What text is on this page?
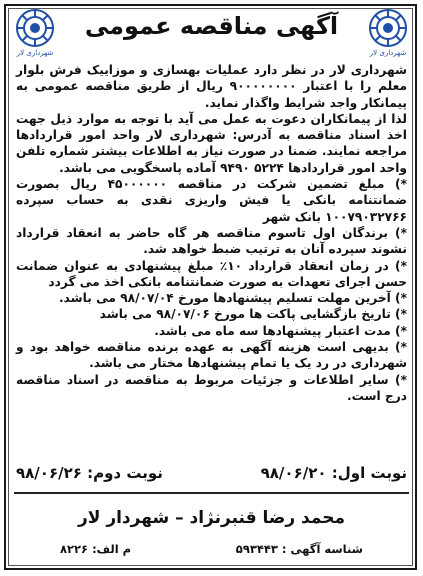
شهرداری لار	شهرداری لار
آگهی مناقصه عمومی

شهرداری لار در نظر دارد عملیات بهسازی و موزاییک فرش بلوار معلم را با اعتبار ۹۰۰۰۰۰۰۰۰ ریال از طریق مناقصه عمومی به پیمانکار واجد شرایط واگذار نماید.

لذا از پیمانکاران دعوت به عمل می آید با توجه به موارد ذیل جهت اخذ اسناد مناقصه به آدرس: شهرداری لار واحد امور قراردادها مراجعه نمایند. ضمنا در صورت نیاز به اطلاعات بیشتر شماره تلفن واحد امور قراردادها ۵۲۲۴ ۹۴۹۰ آماده پاسخگویی می باشد.

*) مبلغ تضمین شرکت در مناقصه ۴۵۰۰۰۰۰۰ ریال بصورت ضمانتنامه بانکی یا فیش واریزی نقدی به حساب سپرده ۱۰۰۷۹۰۳۲۷۶۶ بانک شهر

*) برندگان اول تاسوم مناقصه هر گاه حاضر به انعقاد قرارداد نشوند سپرده آنان به ترتیب ضبط خواهد شد.

*) در زمان انعقاد قرارداد ۱۰٪ مبلغ پیشنهادی به عنوان ضمانت حسن اجرای تعهدات به صورت ضمانتنامه بانکی اخذ می گردد

*) آخرین مهلت تسلیم پیشنهادها مورخ ۹۸/۰۷/۰۴ می باشد.

*) تاریخ بازگشایی پاکت ها مورخ ۹۸/۰۷/۰۶ می باشد

*) مدت اعتبار پیشنهادها سه ماه می باشد.

*) بدیهی است هزینه آگهی به عهده برنده مناقصه خواهد بود و شهرداری در رد یک یا تمام پیشنهادها مختار می باشد.

*) سایر اطلاعات و جزئیات مربوط به مناقصه در اسناد مناقصه درج است.

نوبت اول: ۹۸/۰۶/۲۰
نوبت دوم: ۹۸/۰۶/۲۶
محمد رضا قنبرنژاد – شهردار لار
شناسه آگهی : ۵۹۳۴۴۳
م الف: ۸۲۲۶
